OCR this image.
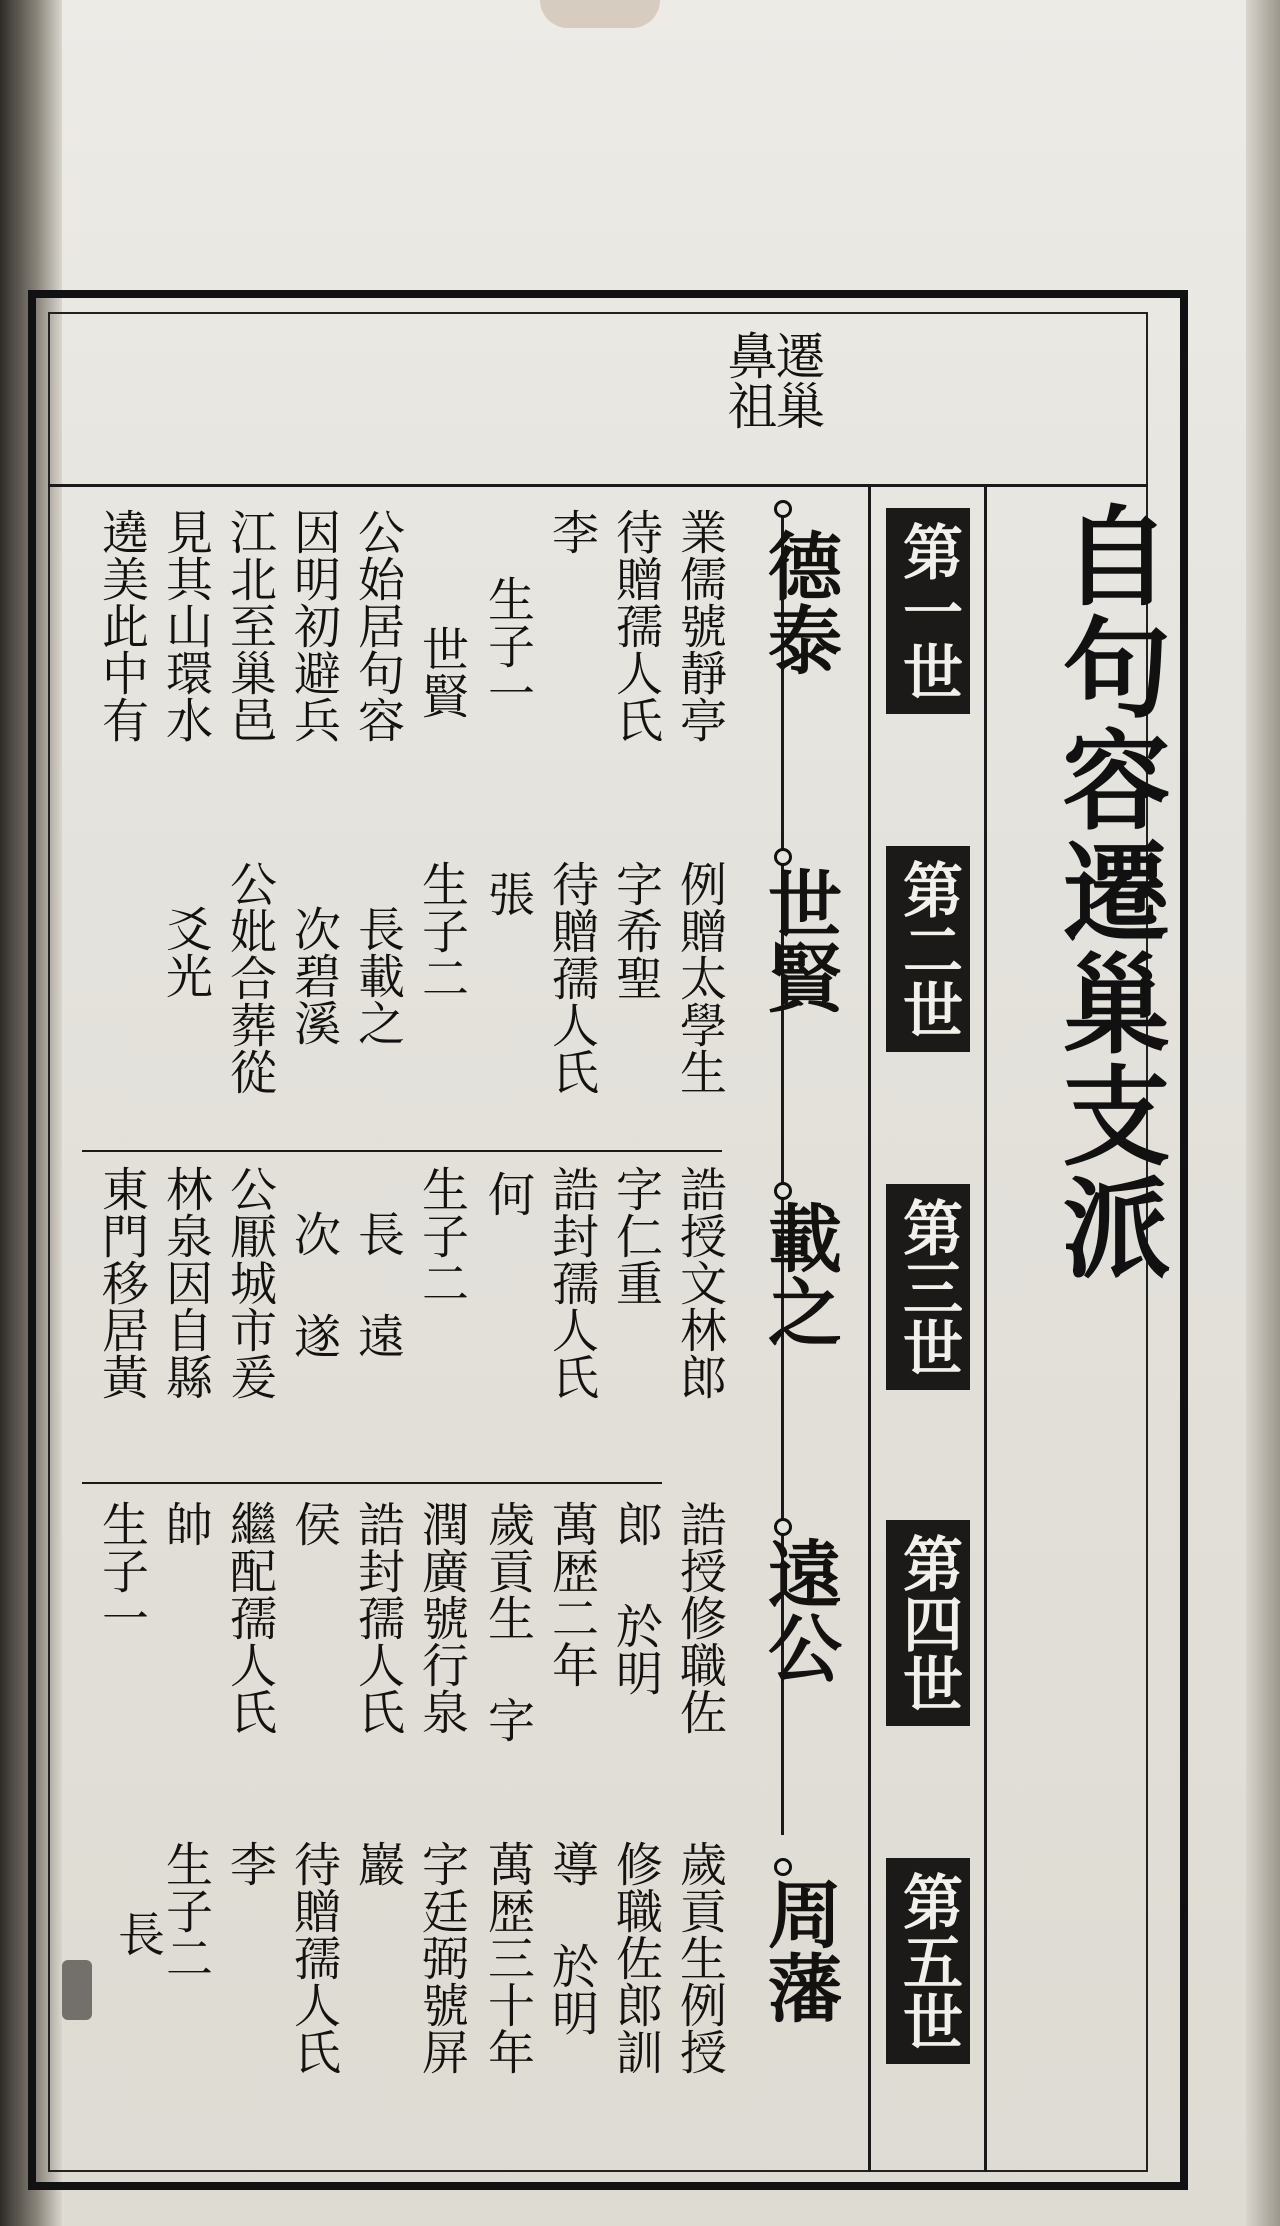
自句容遷巢支派
第一世
第二世
第三世
第四世
第五世
遷巢
鼻祖
德泰
世賢
載之
遠公
周藩
業儒號靜亭
待贈孺人氏
李
生子一
世賢
公始居句容
因明初避兵
江北至巢邑
見其山環水
遶美此中有
例贈太學生
字希聖
待贈孺人氏
張
生子二
長載之
次碧溪
公妣合葬從
爻光
誥授文林郎
字仁重
誥封孺人氏
何
生子二
長 遠
次 遂
公厭城市爰
林泉因自縣
東門移居黃
誥授修職佐
郎 於明
萬歴二年
歲貢生 字
潤廣號行泉
誥封孺人氏
侯
繼配孺人氏
帥
生子一
歲貢生例授
修職佐郎訓
導 於明
萬歴三十年
字廷弼號屏
巖
待贈孺人氏
李
生子二
長
